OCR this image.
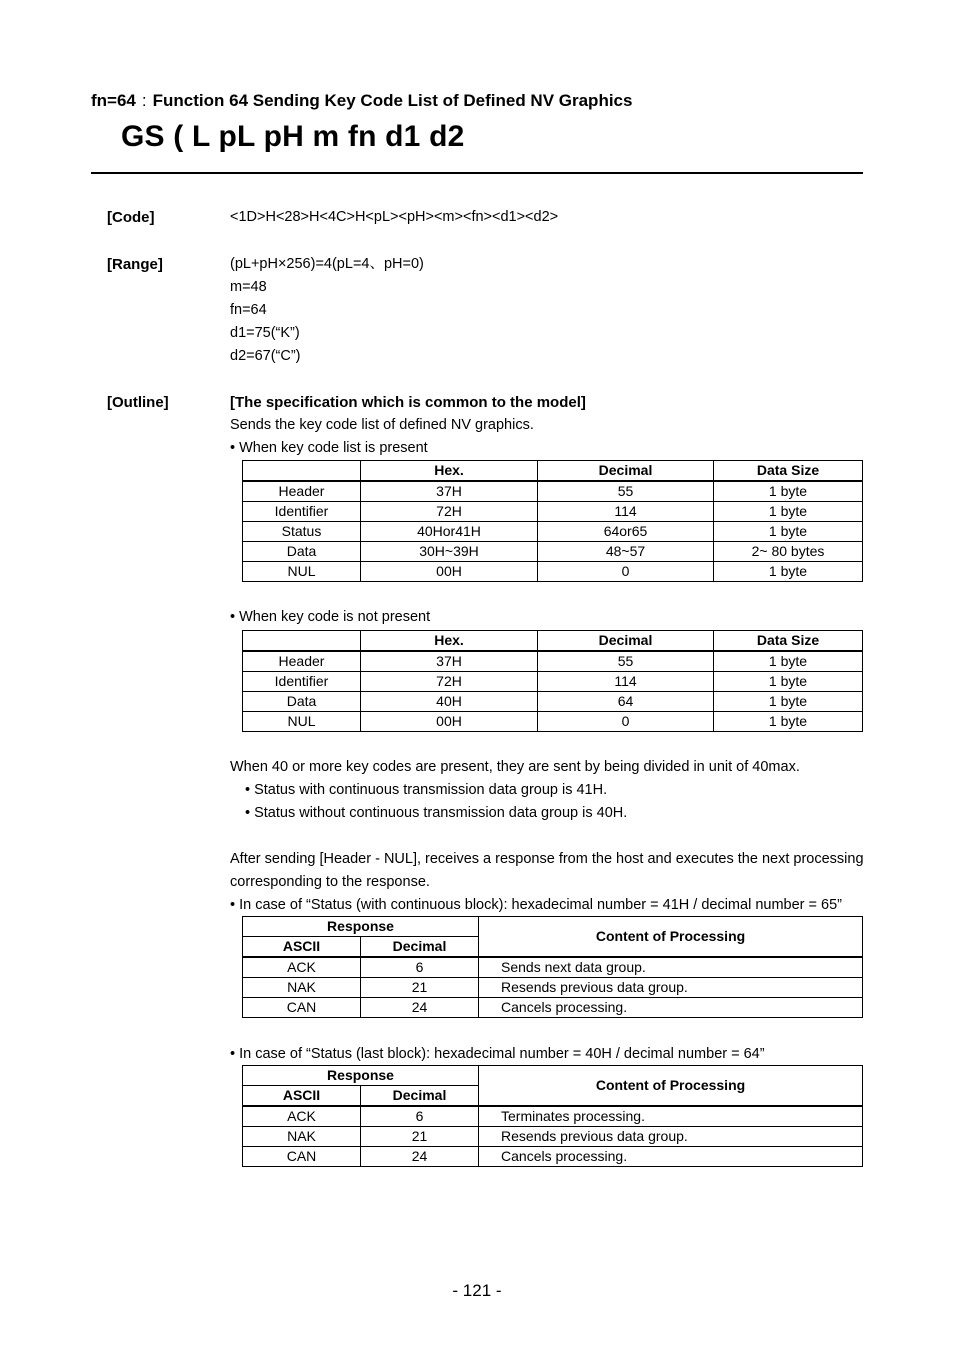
fn=64 : Function 64 Sending Key Code List of Defined NV Graphics
GS ( L pL pH m fn d1 d2
[Code]	<1D>H<28>H<4C>H<pL><pH><m><fn><d1><d2>
[Range]	(pL+pH×256)=4(pL=4、pH=0)
m=48
fn=64
d1=75(“K”)
d2=67(“C”)
[Outline]	[The specification which is common to the model]
Sends the key code list of defined NV graphics.
• When key code list is present
	Hex.	Decimal	Data Size
Header	37H	55	1 byte
Identifier	72H	114	1 byte
Status	40Hor41H	64or65	1 byte
Data	30H~39H	48~57	2~ 80 bytes
NUL	00H	0	1 byte
• When key code is not present
	Hex.	Decimal	Data Size
Header	37H	55	1 byte
Identifier	72H	114	1 byte
Data	40H	64	1 byte
NUL	00H	0	1 byte
When 40 or more key codes are present, they are sent by being divided in unit of 40max.
• Status with continuous transmission data group is 41H.
• Status without continuous transmission data group is 40H.
After sending [Header - NUL], receives a response from the host and executes the next processing
corresponding to the response.
• In case of “Status (with continuous block): hexadecimal number = 41H / decimal number = 65”
Response		Content of Processing
ASCII	Decimal	
ACK	6	Sends next data group.
NAK	21	Resends previous data group.
CAN	24	Cancels processing.
• In case of “Status (last block): hexadecimal number = 40H / decimal number = 64”
Response		Content of Processing
ASCII	Decimal	
ACK	6	Terminates processing.
NAK	21	Resends previous data group.
CAN	24	Cancels processing.
- 121 -
